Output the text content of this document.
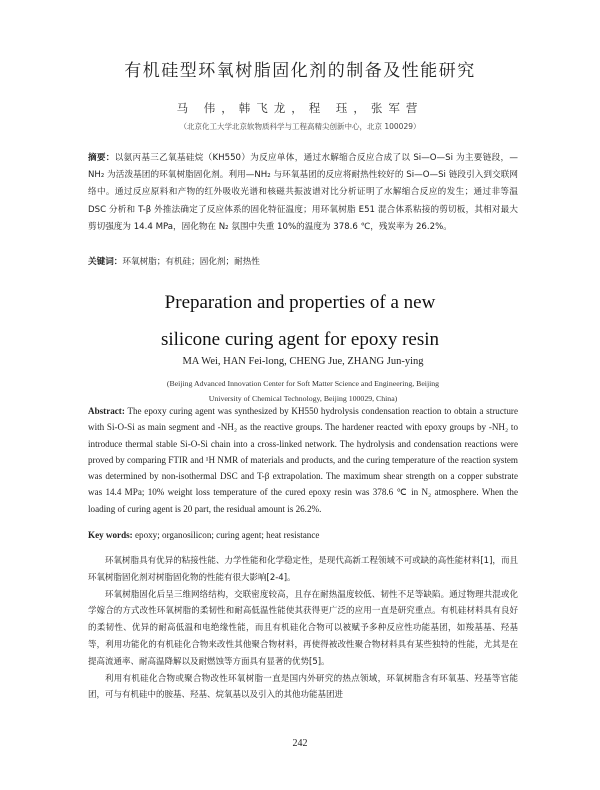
有机硅型环氧树脂固化剂的制备及性能研究
马 伟，韩飞龙，程 珏，张军营
（北京化工大学北京软物质科学与工程高精尖创新中心，北京 100029）
摘要：以氨丙基三乙氧基硅烷（KH550）为反应单体，通过水解缩合反应合成了以 Si—O—Si 为主要链段，—NH₂ 为活泼基团的环氧树脂固化剂。利用—NH₂ 与环氧基团的反应将耐热性较好的 Si—O—Si 链段引入到交联网络中。通过反应原料和产物的红外吸收光谱和核磁共振波谱对比分析证明了水解缩合反应的发生；通过非等温 DSC 分析和 T-β 外推法确定了反应体系的固化特征温度；用环氧树脂 E51 混合体系粘接的剪切板，其相对最大剪切强度为 14.4 MPa，固化物在 N₂ 氛围中失重 10%的温度为 378.6 ℃，残炭率为 26.2%。
关键词：环氧树脂；有机硅；固化剂；耐热性
Preparation and properties of a new
silicone curing agent for epoxy resin
MA Wei, HAN Fei-long, CHENG Jue, ZHANG Jun-ying
(Beijing Advanced Innovation Center for Soft Matter Science and Engineering, Beijing
University of Chemical Technology, Beijing 100029, China)
Abstract: The epoxy curing agent was synthesized by KH550 hydrolysis condensation reaction to obtain a structure with Si-O-Si as main segment and -NH₂ as the reactive groups. The hardener reacted with epoxy groups by -NH₂ to introduce thermal stable Si-O-Si chain into a cross-linked network. The hydrolysis and condensation reactions were proved by comparing FTIR and ¹H NMR of materials and products, and the curing temperature of the reaction system was determined by non-isothermal DSC and T-β extrapolation. The maximum shear strength on a copper substrate was 14.4 MPa; 10% weight loss temperature of the cured epoxy resin was 378.6 ℃ in N₂ atmosphere. When the loading of curing agent is 20 part, the residual amount is 26.2%.
Key words: epoxy; organosilicon; curing agent; heat resistance

环氧树脂具有优异的粘接性能、力学性能和化学稳定性，是现代高新工程领域不可或缺的高性能材料[1]，而且环氧树脂固化剂对树脂固化物的性能有很大影响[2-4]。

环氧树脂固化后呈三维网络结构，交联密度较高，且存在耐热温度较低、韧性不足等缺陷。通过物理共混或化学嫁合的方式改性环氧树脂的柔韧性和耐高低温性能使其获得更广泛的应用一直是研究重点。有机硅材料具有良好的柔韧性、优异的耐高低温和电绝缘性能，而且有机硅化合物可以被赋予多种反应性功能基团，如羧基基、羟基等，利用功能化的有机硅化合物来改性其他聚合物材料，再使得被改性聚合物材料具有某些独特的性能，尤其是在提高流通率、耐高温降解以及耐燃蚀等方面具有显著的优势[5]。

利用有机硅化合物或聚合物改性环氧树脂一直是国内外研究的热点领域，环氧树脂含有环氧基、羟基等官能团，可与有机硅中的胺基、羟基、烷氧基以及引入的其他功能基团进

242
